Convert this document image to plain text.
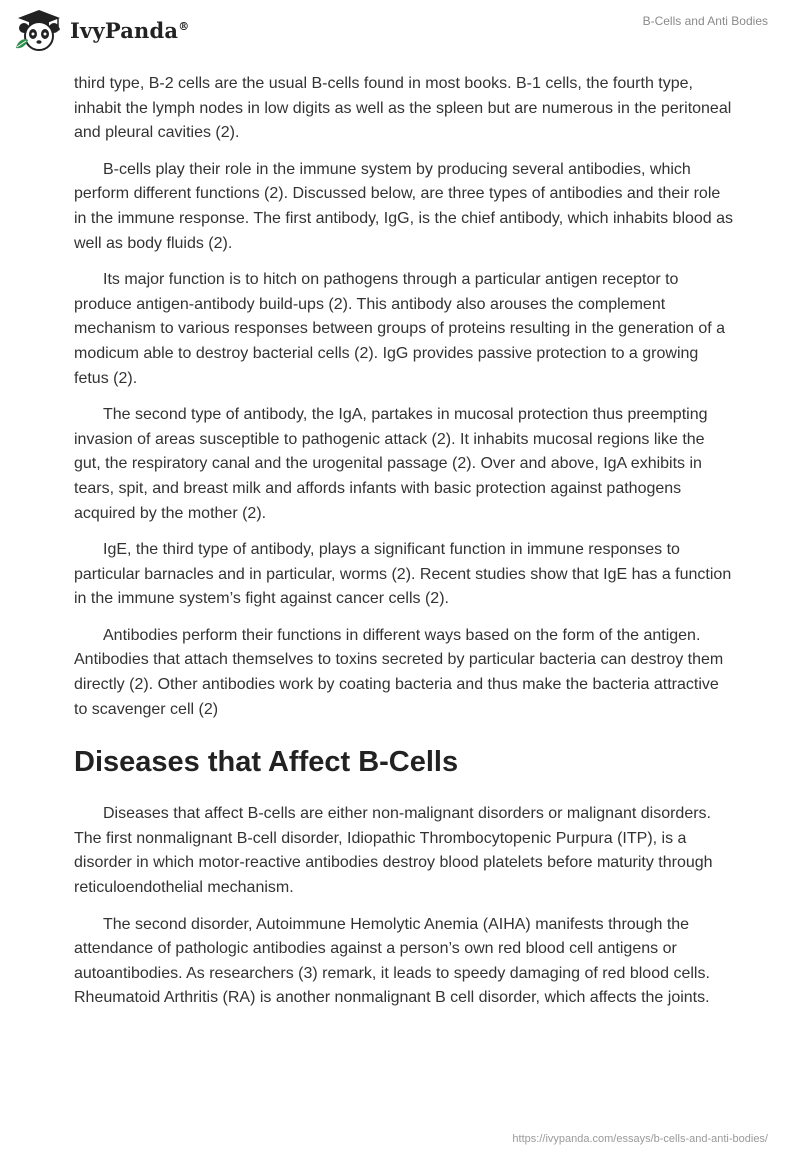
IvyPanda®	B-Cells and Anti Bodies

third type, B-2 cells are the usual B-cells found in most books. B-1 cells, the fourth type, inhabit the lymph nodes in low digits as well as the spleen but are numerous in the peritoneal and pleural cavities (2).

B-cells play their role in the immune system by producing several antibodies, which perform different functions (2). Discussed below, are three types of antibodies and their role in the immune response. The first antibody, IgG, is the chief antibody, which inhabits blood as well as body fluids (2).

Its major function is to hitch on pathogens through a particular antigen receptor to produce antigen-antibody build-ups (2). This antibody also arouses the complement mechanism to various responses between groups of proteins resulting in the generation of a modicum able to destroy bacterial cells (2). IgG provides passive protection to a growing fetus (2).

The second type of antibody, the IgA, partakes in mucosal protection thus preempting invasion of areas susceptible to pathogenic attack (2). It inhabits mucosal regions like the gut, the respiratory canal and the urogenital passage (2). Over and above, IgA exhibits in tears, spit, and breast milk and affords infants with basic protection against pathogens acquired by the mother (2).

IgE, the third type of antibody, plays a significant function in immune responses to particular barnacles and in particular, worms (2). Recent studies show that IgE has a function in the immune system’s fight against cancer cells (2).

Antibodies perform their functions in different ways based on the form of the antigen. Antibodies that attach themselves to toxins secreted by particular bacteria can destroy them directly (2). Other antibodies work by coating bacteria and thus make the bacteria attractive to scavenger cell (2)

Diseases that Affect B-Cells

Diseases that affect B-cells are either non-malignant disorders or malignant disorders. The first nonmalignant B-cell disorder, Idiopathic Thrombocytopenic Purpura (ITP), is a disorder in which motor-reactive antibodies destroy blood platelets before maturity through reticuloendothelial mechanism.

The second disorder, Autoimmune Hemolytic Anemia (AIHA) manifests through the attendance of pathologic antibodies against a person’s own red blood cell antigens or autoantibodies. As researchers (3) remark, it leads to speedy damaging of red blood cells. Rheumatoid Arthritis (RA) is another nonmalignant B cell disorder, which affects the joints.

https://ivypanda.com/essays/b-cells-and-anti-bodies/
